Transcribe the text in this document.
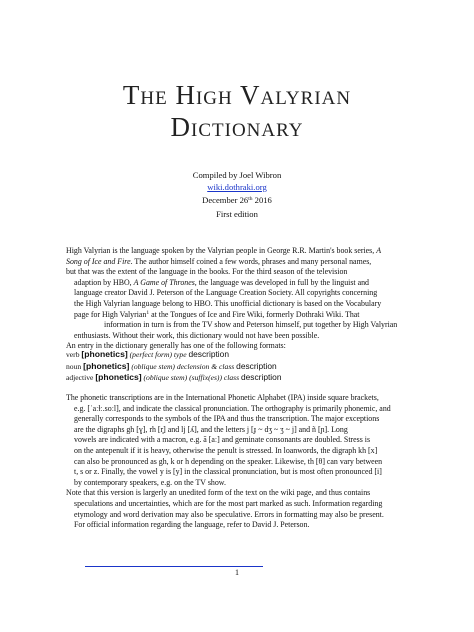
The High Valyrian
Dictionary
Compiled by Joel Wibron
wiki.dothraki.org
December 26th 2016
First edition
High Valyrian is the language spoken by the Valyrian people in George R.R. Martin's book series, A
Song of Ice and Fire. The author himself coined a few words, phrases and many personal names,
but that was the extent of the language in the books. For the third season of the television
adaption by HBO, A Game of Thrones, the language was developed in full by the linguist and
language creator David J. Peterson of the Language Creation Society. All copyrights concerning
the High Valyrian language belong to HBO. This unofficial dictionary is based on the Vocabulary
page for High Valyrian$^1$ at the Tongues of Ice and Fire Wiki, formerly Dothraki Wiki. That
information in turn is from the TV show and Peterson himself, put together by High Valyrian
enthusiasts. Without their work, this dictionary would not have been possible.
An entry in the dictionary generally has one of the following formats:
verb [phonetics] (perfect form) type description
noun [phonetics] (oblique stem) declension & class description
adjective [phonetics] (oblique stem) (suffix(es)) class description
The phonetic transcriptions are in the International Phonetic Alphabet (IPA) inside square brackets,
e.g. [ˈaːɫː.soːl], and indicate the classical pronunciation. The orthography is primarily phonemic, and
generally corresponds to the symbols of the IPA and thus the transcription. The major exceptions
are the digraphs gh [ɣ], rh [r̥] and lj [ʎ], and the letters j [ɟ ~ dʒ ~ ʒ ~ j] and ñ [ɲ]. Long
vowels are indicated with a macron, e.g. ā [aː] and geminate consonants are doubled. Stress is
on the antepenult if it is heavy, otherwise the penult is stressed. In loanwords, the digraph kh [x]
can also be pronounced as gh, k or h depending on the speaker. Likewise, th [θ] can vary between
t, s or z. Finally, the vowel y is [y] in the classical pronunciation, but is most often pronounced [i]
by contemporary speakers, e.g. on the TV show.
Note that this version is largerly an unedited form of the text on the wiki page, and thus contains
speculations and uncertainties, which are for the most part marked as such. Information regarding
etymology and word derivation may also be speculative. Errors in formatting may also be present.
For official information regarding the language, refer to David J. Peterson.
1
